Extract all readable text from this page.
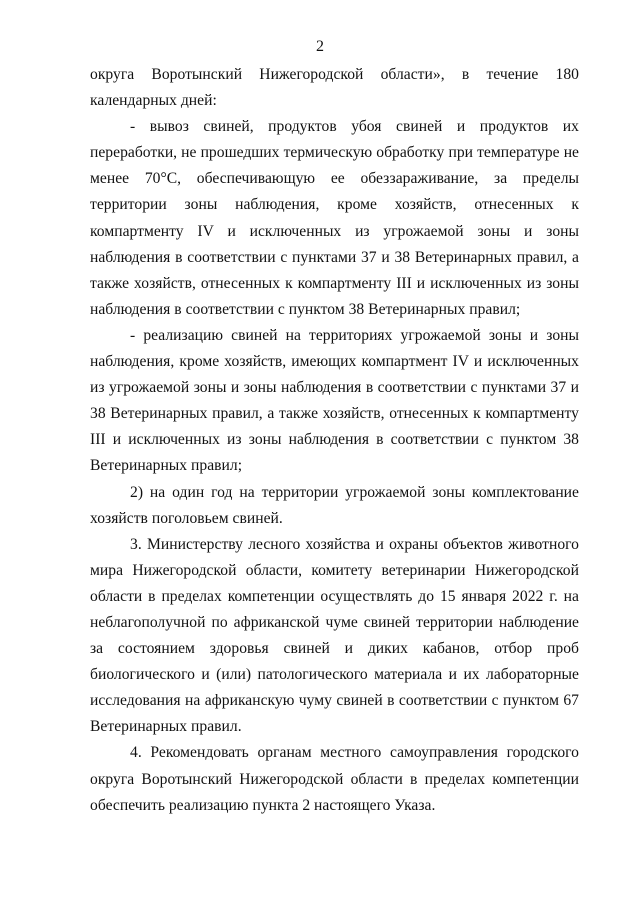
2

округа Воротынский Нижегородской области», в течение 180 календарных дней:

- вывоз свиней, продуктов убоя свиней и продуктов их переработки, не прошедших термическую обработку при температуре не менее 70°С, обеспечивающую ее обеззараживание, за пределы территории зоны наблюдения, кроме хозяйств, отнесенных к компартменту IV и исключенных из угрожаемой зоны и зоны наблюдения в соответствии с пунктами 37 и 38 Ветеринарных правил, а также хозяйств, отнесенных к компартменту III и исключенных из зоны наблюдения в соответствии с пунктом 38 Ветеринарных правил;

- реализацию свиней на территориях угрожаемой зоны и зоны наблюдения, кроме хозяйств, имеющих компартмент IV и исключенных из угрожаемой зоны и зоны наблюдения в соответствии с пунктами 37 и 38 Ветеринарных правил, а также хозяйств, отнесенных к компартменту III и исключенных из зоны наблюдения в соответствии с пунктом 38 Ветеринарных правил;

2) на один год на территории угрожаемой зоны комплектование хозяйств поголовьем свиней.

3. Министерству лесного хозяйства и охраны объектов животного мира Нижегородской области, комитету ветеринарии Нижегородской области в пределах компетенции осуществлять до 15 января 2022 г. на неблагополучной по африканской чуме свиней территории наблюдение за состоянием здоровья свиней и диких кабанов, отбор проб биологического и (или) патологического материала и их лабораторные исследования на африканскую чуму свиней в соответствии с пунктом 67 Ветеринарных правил.

4. Рекомендовать органам местного самоуправления городского округа Воротынский Нижегородской области в пределах компетенции обеспечить реализацию пункта 2 настоящего Указа.
